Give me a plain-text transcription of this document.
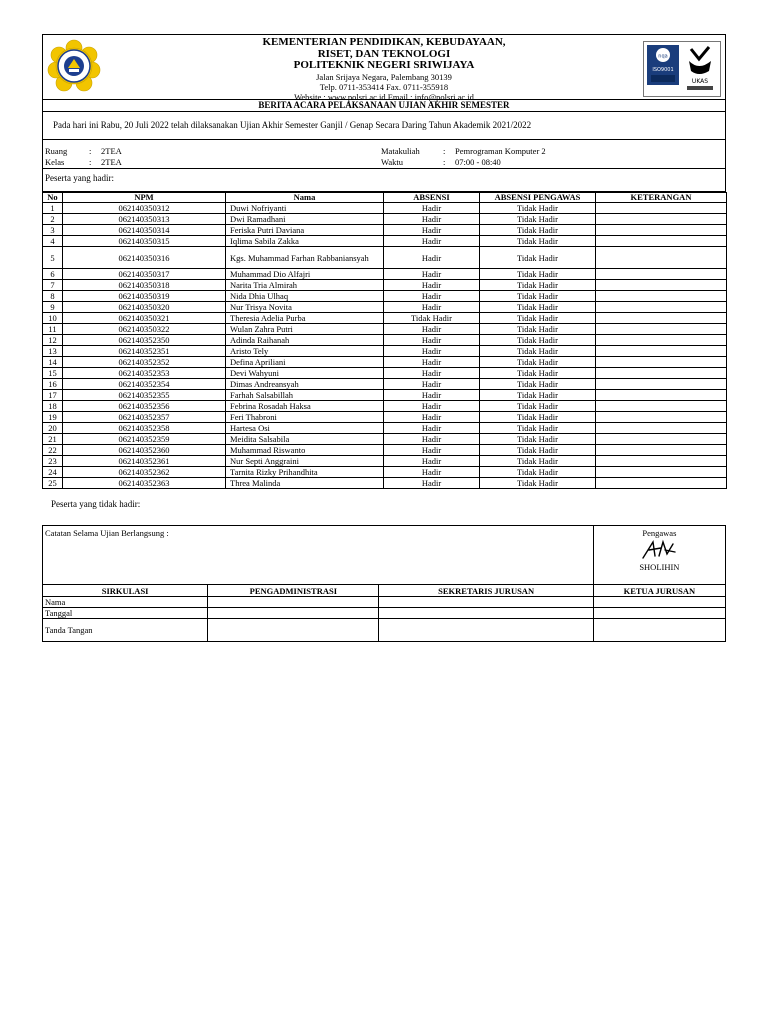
KEMENTERIAN PENDIDIKAN, KEBUDAYAAN,
RISET, DAN TEKNOLOGI
POLITEKNIK NEGERI SRIWIJAYA
Jalan Srijaya Negara, Palembang 30139
Telp. 0711-353414 Fax. 0711-355918
Website : www.polsri.ac.id Email : info@polsri.ac.id
nqa
ISO9001
UKAS
BERITA ACARA PELAKSANAAN UJIAN AKHIR SEMESTER
Pada hari ini Rabu, 20 Juli 2022 telah dilaksanakan Ujian Akhir Semester Ganjil / Genap Secara Daring Tahun Akademik 2021/2022
Ruang	: 2TEA
Kelas	: 2TEA
Matakuliah	: Pemrograman Komputer 2
Waktu	: 07:00 - 08:40
Peserta yang hadir:
No	NPM	Nama	ABSENSI	ABSENSI PENGAWAS	KETERANGAN
1	062140350312	Duwi Nofriyanti	Hadir	Tidak Hadir	
2	062140350313	Dwi Ramadhani	Hadir	Tidak Hadir	
3	062140350314	Feriska Putri Daviana	Hadir	Tidak Hadir	
4	062140350315	Iqlima Sabila Zakka	Hadir	Tidak Hadir	
5	062140350316	Kgs. Muhammad Farhan Rabbaniansyah	Hadir	Tidak Hadir	
6	062140350317	Muhammad Dio Alfajri	Hadir	Tidak Hadir	
7	062140350318	Narita Tria Almirah	Hadir	Tidak Hadir	
8	062140350319	Nida Dhia Ulhaq	Hadir	Tidak Hadir	
9	062140350320	Nur Trisya Novita	Hadir	Tidak Hadir	
10	062140350321	Theresia Adelia Purba	Tidak Hadir	Tidak Hadir	
11	062140350322	Wulan Zahra Putri	Hadir	Tidak Hadir	
12	062140352350	Adinda Raihanah	Hadir	Tidak Hadir	
13	062140352351	Aristo Tely	Hadir	Tidak Hadir	
14	062140352352	Defina Apriliani	Hadir	Tidak Hadir	
15	062140352353	Devi Wahyuni	Hadir	Tidak Hadir	
16	062140352354	Dimas Andreansyah	Hadir	Tidak Hadir	
17	062140352355	Farhah Salsabillah	Hadir	Tidak Hadir	
18	062140352356	Febrina Rosadah Haksa	Hadir	Tidak Hadir	
19	062140352357	Feri Thabroni	Hadir	Tidak Hadir	
20	062140352358	Hartesa Osi	Hadir	Tidak Hadir	
21	062140352359	Meidita Salsabila	Hadir	Tidak Hadir	
22	062140352360	Muhammad Riswanto	Hadir	Tidak Hadir	
23	062140352361	Nur Septi Anggraini	Hadir	Tidak Hadir	
24	062140352362	Tarnita Rizky Prihandhita	Hadir	Tidak Hadir	
25	062140352363	Threa Malinda	Hadir	Tidak Hadir	
Peserta yang tidak hadir:
Catatan Selama Ujian Berlangsung :			Pengawas
SHOLIHIN

SIRKULASI	PENGADMINISTRASI	SEKRETARIS JURUSAN	KETUA JURUSAN
Nama			
Tanggal			
Tanda Tangan			
